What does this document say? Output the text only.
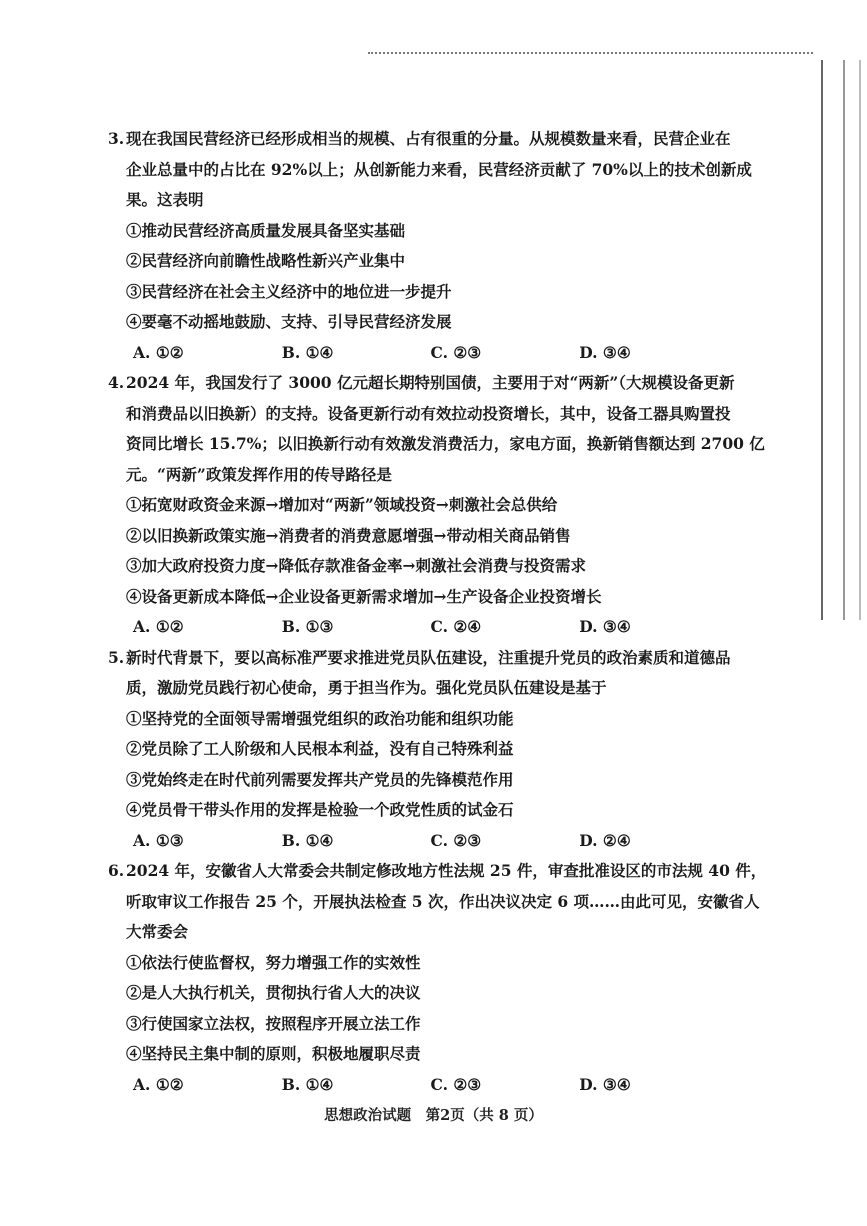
3. 现在我国民营经济已经形成相当的规模、占有很重的分量。从规模数量来看，民营企业在
企业总量中的占比在 92%以上；从创新能力来看，民营经济贡献了 70%以上的技术创新成
果。这表明
①推动民营经济高质量发展具备坚实基础
②民营经济向前瞻性战略性新兴产业集中
③民营经济在社会主义经济中的地位进一步提升
④要毫不动摇地鼓励、支持、引导民营经济发展
A. ①②	B. ①④	C. ②③	D. ③④
4. 2024 年，我国发行了 3000 亿元超长期特别国债，主要用于对“两新”（大规模设备更新
和消费品以旧换新）的支持。设备更新行动有效拉动投资增长，其中，设备工器具购置投
资同比增长 15.7%；以旧换新行动有效激发消费活力，家电方面，换新销售额达到 2700 亿
元。“两新”政策发挥作用的传导路径是
①拓宽财政资金来源→增加对“两新”领域投资→刺激社会总供给
②以旧换新政策实施→消费者的消费意愿增强→带动相关商品销售
③加大政府投资力度→降低存款准备金率→刺激社会消费与投资需求
④设备更新成本降低→企业设备更新需求增加→生产设备企业投资增长
A. ①②	B. ①③	C. ②④	D. ③④
5. 新时代背景下，要以高标准严要求推进党员队伍建设，注重提升党员的政治素质和道德品
质，激励党员践行初心使命，勇于担当作为。强化党员队伍建设是基于
①坚持党的全面领导需增强党组织的政治功能和组织功能
②党员除了工人阶级和人民根本利益，没有自己特殊利益
③党始终走在时代前列需要发挥共产党员的先锋模范作用
④党员骨干带头作用的发挥是检验一个政党性质的试金石
A. ①③	B. ①④	C. ②③	D. ②④
6. 2024 年，安徽省人大常委会共制定修改地方性法规 25 件，审查批准设区的市法规 40 件，
听取审议工作报告 25 个，开展执法检查 5 次，作出决议决定 6 项……由此可见，安徽省人
大常委会
①依法行使监督权，努力增强工作的实效性
②是人大执行机关，贯彻执行省人大的决议
③行使国家立法权，按照程序开展立法工作
④坚持民主集中制的原则，积极地履职尽责
A. ①②	B. ①④	C. ②③	D. ③④
思想政治试题　第2页（共 8 页）
